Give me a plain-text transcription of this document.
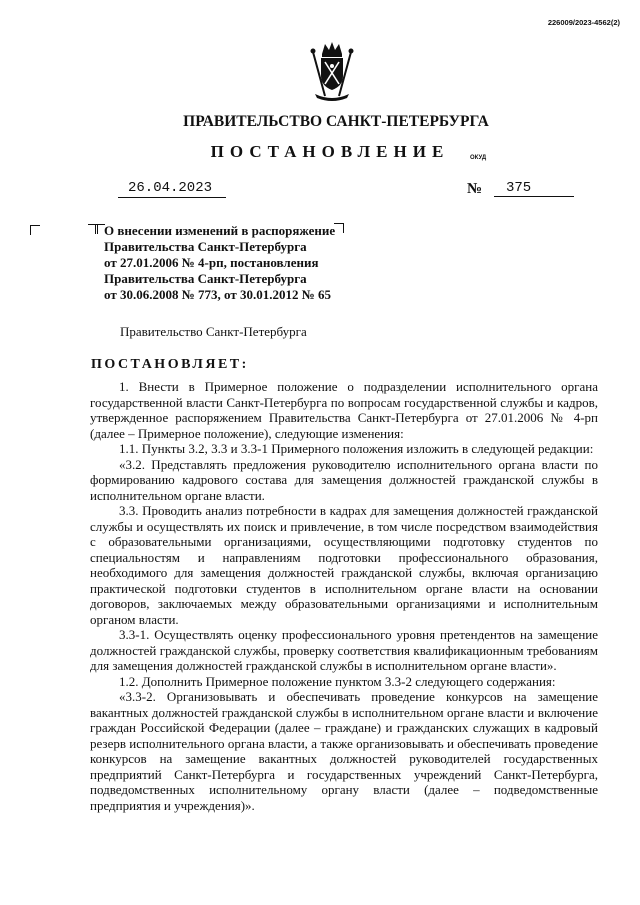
226009/2023-4562(2)
ПРАВИТЕЛЬСТВО САНКТ-ПЕТЕРБУРГА
ПОСТАНОВЛЕНИЕ	ОКУД
26.04.2023	№	375
О внесении изменений в распоряжение
Правительства Санкт-Петербурга
от 27.01.2006 № 4-рп, постановления
Правительства Санкт-Петербурга
от 30.06.2008 № 773, от 30.01.2012 № 65
Правительство Санкт-Петербурга
ПОСТАНОВЛЯЕТ:

1. Внести в Примерное положение о подразделении исполнительного органа государственной власти Санкт-Петербурга по вопросам государственной службы и кадров, утвержденное распоряжением Правительства Санкт-Петербурга от 27.01.2006 № 4-рп (далее – Примерное положение), следующие изменения:

1.1. Пункты 3.2, 3.3 и 3.3-1 Примерного положения изложить в следующей редакции:

«3.2. Представлять предложения руководителю исполнительного органа власти по формированию кадрового состава для замещения должностей гражданской службы в исполнительном органе власти.

3.3. Проводить анализ потребности в кадрах для замещения должностей гражданской службы и осуществлять их поиск и привлечение, в том числе посредством взаимодействия с образовательными организациями, осуществляющими подготовку студентов по специальностям и направлениям подготовки профессионального образования, необходимого для замещения должностей гражданской службы, включая организацию практической подготовки студентов в исполнительном органе власти на основании договоров, заключаемых между образовательными организациями и исполнительным органом власти.

3.3-1. Осуществлять оценку профессионального уровня претендентов на замещение должностей гражданской службы, проверку соответствия квалификационным требованиям для замещения должностей гражданской службы в исполнительном органе власти».

1.2. Дополнить Примерное положение пунктом 3.3-2 следующего содержания:

«3.3-2. Организовывать и обеспечивать проведение конкурсов на замещение вакантных должностей гражданской службы в исполнительном органе власти и включение граждан Российской Федерации (далее – граждане) и гражданских служащих в кадровый резерв исполнительного органа власти, а также организовывать и обеспечивать проведение конкурсов на замещение вакантных должностей руководителей государственных предприятий Санкт-Петербурга и государственных учреждений Санкт-Петербурга, подведомственных исполнительному органу власти (далее – подведомственные предприятия и учреждения)».
